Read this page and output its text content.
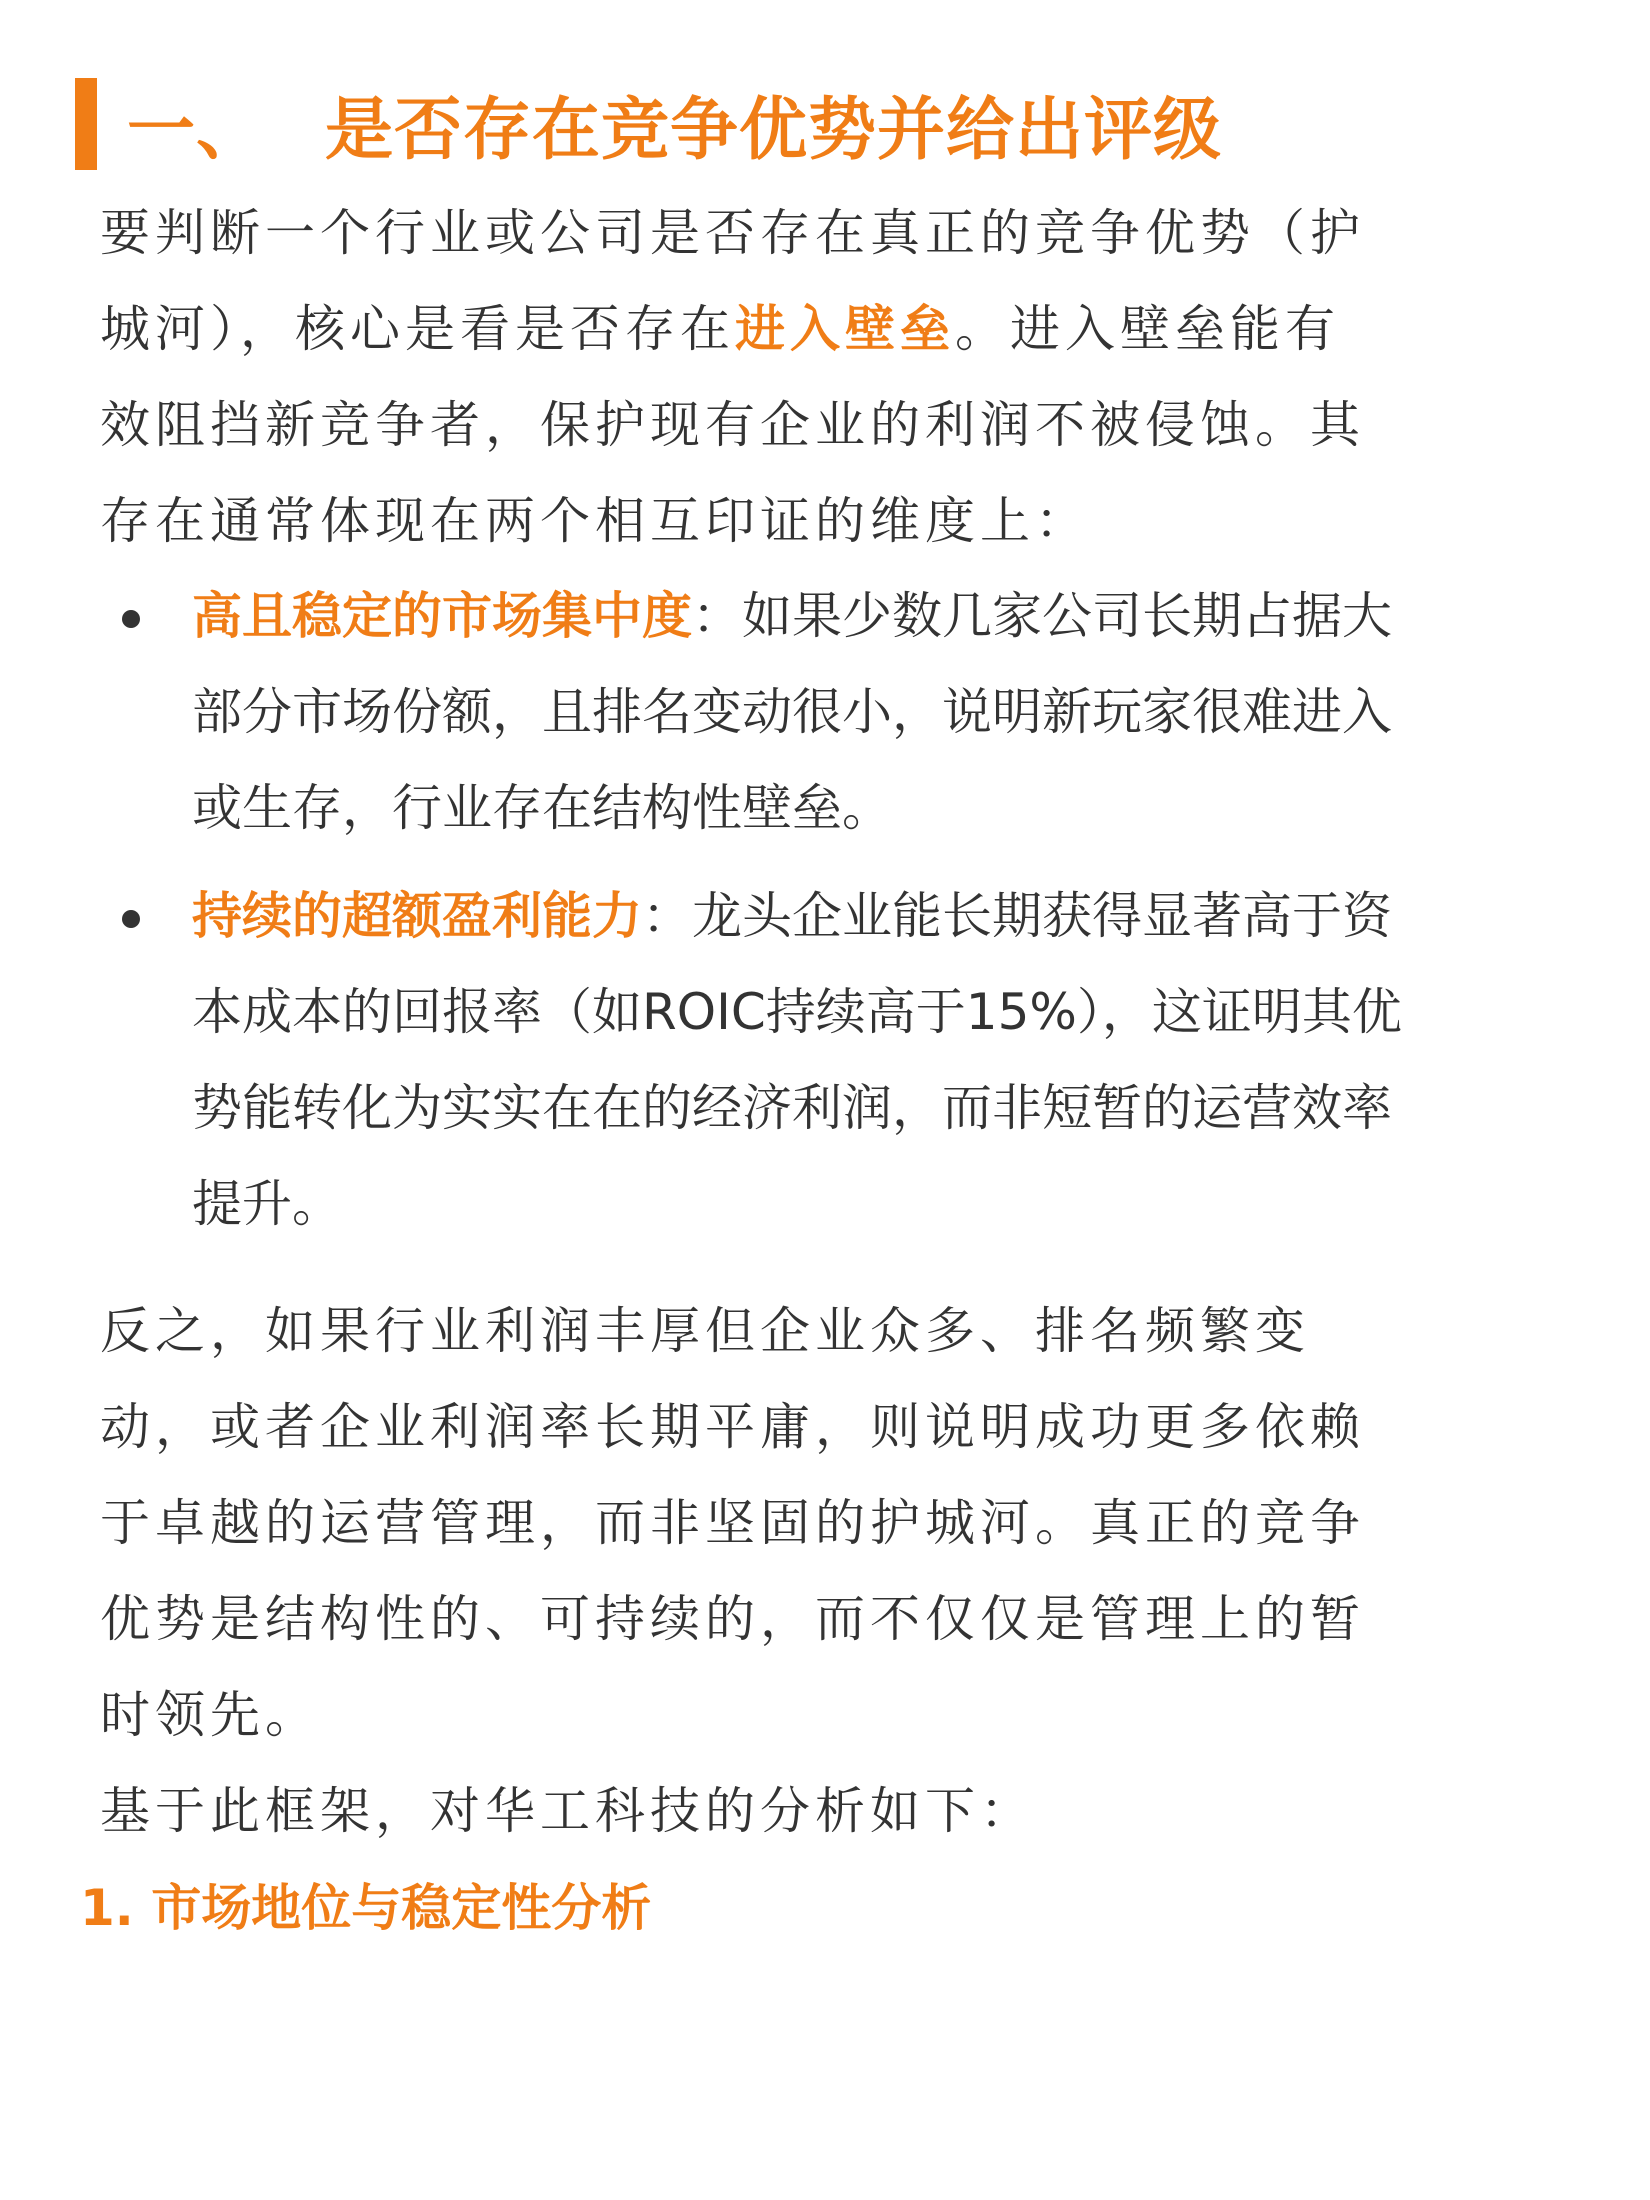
一、 是否存在竞争优势并给出评级
要判断一个行业或公司是否存在真正的竞争优势（护
城河），核心是看是否存在进入壁垒。进入壁垒能有
效阻挡新竞争者，保护现有企业的利润不被侵蚀。其
存在通常体现在两个相互印证的维度上：
高且稳定的市场集中度：如果少数几家公司长期占据大
部分市场份额，且排名变动很小，说明新玩家很难进入
或生存，行业存在结构性壁垒。
持续的超额盈利能力：龙头企业能长期获得显著高于资
本成本的回报率（如ROIC持续高于15%），这证明其优
势能转化为实实在在的经济利润，而非短暂的运营效率
提升。
反之，如果行业利润丰厚但企业众多、排名频繁变
动，或者企业利润率长期平庸，则说明成功更多依赖
于卓越的运营管理，而非坚固的护城河。真正的竞争
优势是结构性的、可持续的，而不仅仅是管理上的暂
时领先。
基于此框架，对华工科技的分析如下：
1. 市场地位与稳定性分析
